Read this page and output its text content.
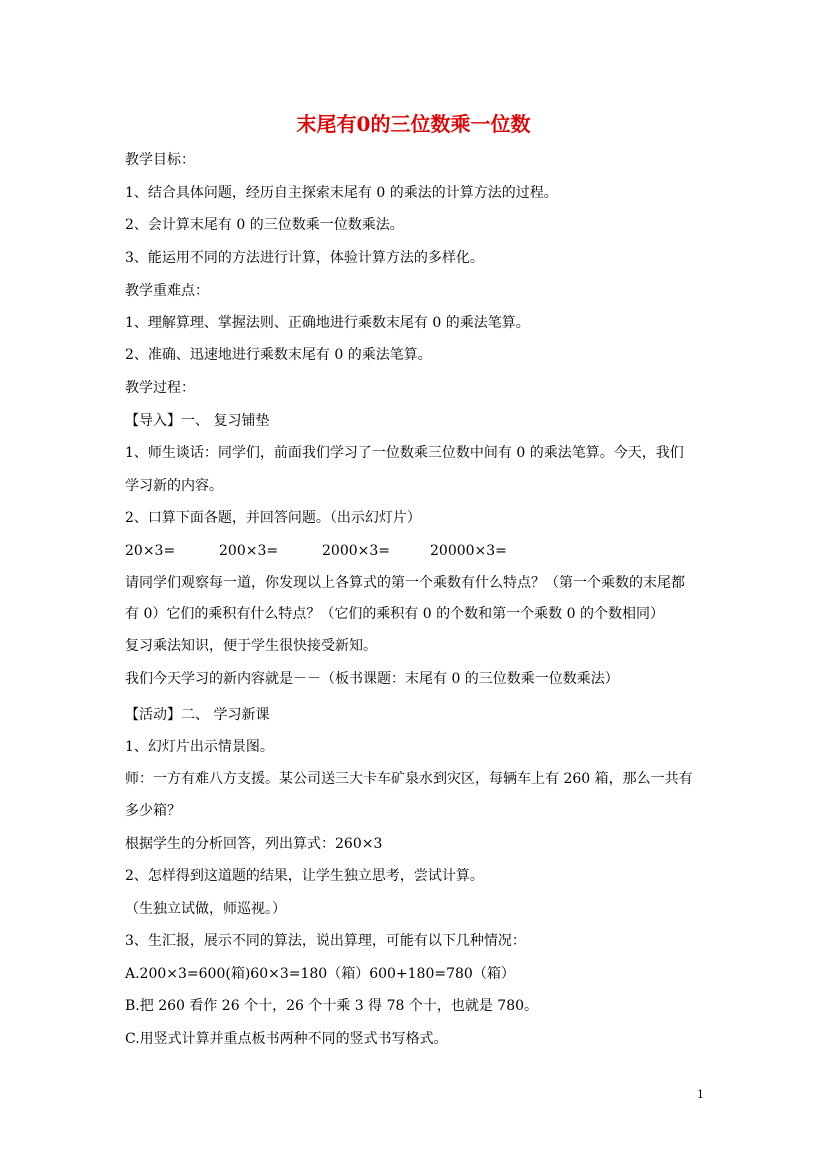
末尾有0的三位数乘一位数
教学目标：
1、结合具体问题，经历自主探索末尾有 0 的乘法的计算方法的过程。
2、会计算末尾有 0 的三位数乘一位数乘法。
3、能运用不同的方法进行计算，体验计算方法的多样化。
教学重难点：
1、理解算理、掌握法则、正确地进行乘数末尾有 0 的乘法笔算。
2、准确、迅速地进行乘数末尾有 0 的乘法笔算。
教学过程：
【导入】一、 复习铺垫
1、师生谈话：同学们，前面我们学习了一位数乘三位数中间有 0 的乘法笔算。今天，我们
学习新的内容。
2、口算下面各题，并回答问题。（出示幻灯片）
20×3=	200×3=	2000×3=	20000×3=
请同学们观察每一道，你发现以上各算式的第一个乘数有什么特点？（第一个乘数的末尾都
有 0）它们的乘积有什么特点？（它们的乘积有 0 的个数和第一个乘数 0 的个数相同）
复习乘法知识，便于学生很快接受新知。
我们今天学习的新内容就是－－（板书课题：末尾有 0 的三位数乘一位数乘法）
【活动】二、 学习新课
1、幻灯片出示情景图。
师：一方有难八方支援。某公司送三大卡车矿泉水到灾区，每辆车上有 260 箱，那么一共有
多少箱？
根据学生的分析回答，列出算式：260×3
2、怎样得到这道题的结果，让学生独立思考，尝试计算。
（生独立试做，师巡视。）
3、生汇报，展示不同的算法，说出算理，可能有以下几种情况：
A.200×3=600(箱)60×3=180（箱）600+180=780（箱）
B.把 260 看作 26 个十，26 个十乘 3 得 78 个十，也就是 780。
C.用竖式计算并重点板书两种不同的竖式书写格式。
1
